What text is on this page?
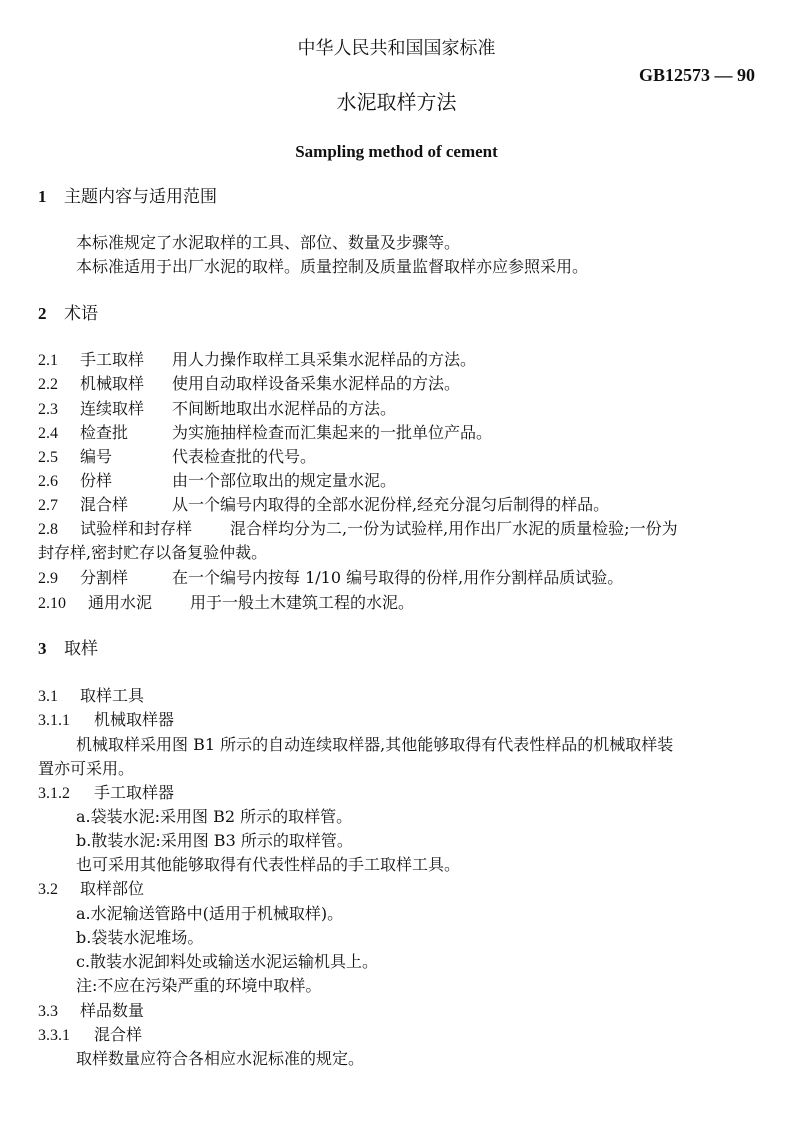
中华人民共和国国家标准
GB12573 — 90
水泥取样方法
Sampling method of cement
1 主题内容与适用范围
本标准规定了水泥取样的工具、部位、数量及步骤等。
本标准适用于出厂水泥的取样。质量控制及质量监督取样亦应参照采用。
2 术语
2.1 手工取样 用人力操作取样工具采集水泥样品的方法。
2.2 机械取样 使用自动取样设备采集水泥样品的方法。
2.3 连续取样 不间断地取出水泥样品的方法。
2.4 检查批	为实施抽样检查而汇集起来的一批单位产品。
2.5 编号	代表检查批的代号。
2.6 份样	由一个部位取出的规定量水泥。
2.7 混合样	从一个编号内取得的全部水泥份样,经充分混匀后制得的样品。
2.8 试验样和封存样 混合样均分为二,一份为试验样,用作出厂水泥的质量检验;一份为
封存样,密封贮存以备复验仲裁。
2.9 分割样	在一个编号内按每 1/10 编号取得的份样,用作分割样品质试验。
2.10 通用水泥 用于一般土木建筑工程的水泥。
3 取样
3.1 取样工具
3.1.1 机械取样器
机械取样采用图 B1 所示的自动连续取样器,其他能够取得有代表性样品的机械取样装
置亦可采用。
3.1.2 手工取样器
a.袋装水泥:采用图 B2 所示的取样管。
b.散装水泥:采用图 B3 所示的取样管。
也可采用其他能够取得有代表性样品的手工取样工具。
3.2 取样部位
a.水泥输送管路中(适用于机械取样)。
b.袋装水泥堆场。
c.散装水泥卸料处或输送水泥运输机具上。
注:不应在污染严重的环境中取样。
3.3 样品数量
3.3.1 混合样
取样数量应符合各相应水泥标准的规定。
